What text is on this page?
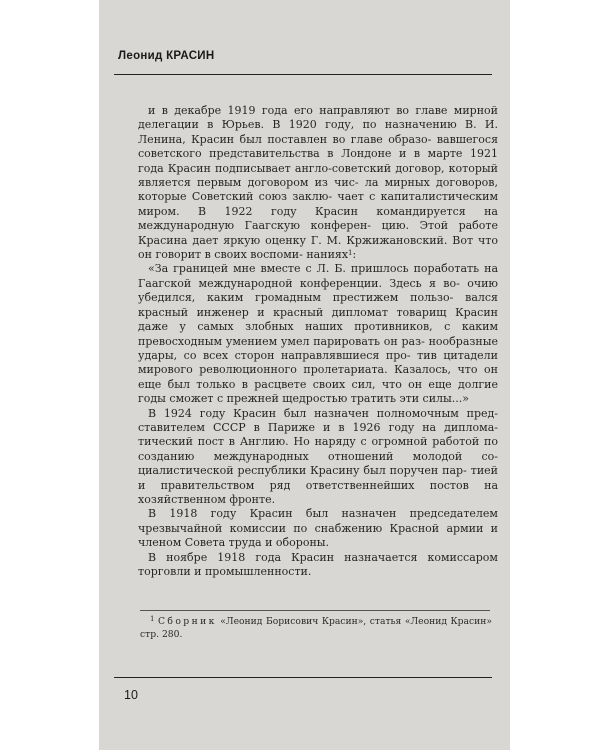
Леонид КРАСИН

и в декабре 1919 года его направляют во главе мирной делегации в Юрьев. В 1920 году, по назначению В. И. Ленина, Красин был поставлен во главе образо- вавшегося советского представительства в Лондоне и в марте 1921 года Красин подписывает англо-советский договор, который является первым договором из чис- ла мирных договоров, которые Советский союз заклю- чает с капиталистическим миром. В 1922 году Красин командируется на международную Гаагскую конферен- цию. Этой работе Красина дает яркую оценку Г. М. Кржижановский. Вот что он говорит в своих воспоми- наниях$^1$:

«За границей мне вместе с Л. Б. пришлось поработать на Гаагской международной конференции. Здесь я во- очию убедился, каким громадным престижем пользо- вался красный инженер и красный дипломат товарищ Красин даже у самых злобных наших противников, с каким превосходным умением умел парировать он раз- нообразные удары, со всех сторон направлявшиеся про- тив цитадели мирового революционного пролетариата. Казалось, что он еще был только в расцвете своих сил, что он еще долгие годы сможет с прежней щедростью тратить эти силы...»

В 1924 году Красин был назначен полномочным пред- ставителем СССР в Париже и в 1926 году на диплома- тический пост в Англию. Но наряду с огромной работой по созданию международных отношений молодой со- циалистической республики Красину был поручен пар- тией и правительством ряд ответственнейших постов на хозяйственном фронте.

В 1918 году Красин был назначен председателем чрезвычайной комиссии по снабжению Красной армии и членом Совета труда и обороны.

В ноябре 1918 года Красин назначается комиссаром торговли и промышленности.

$^1$ Сборник «Леонид Борисович Красин», статья «Леонид Красин» стр. 280.
10
